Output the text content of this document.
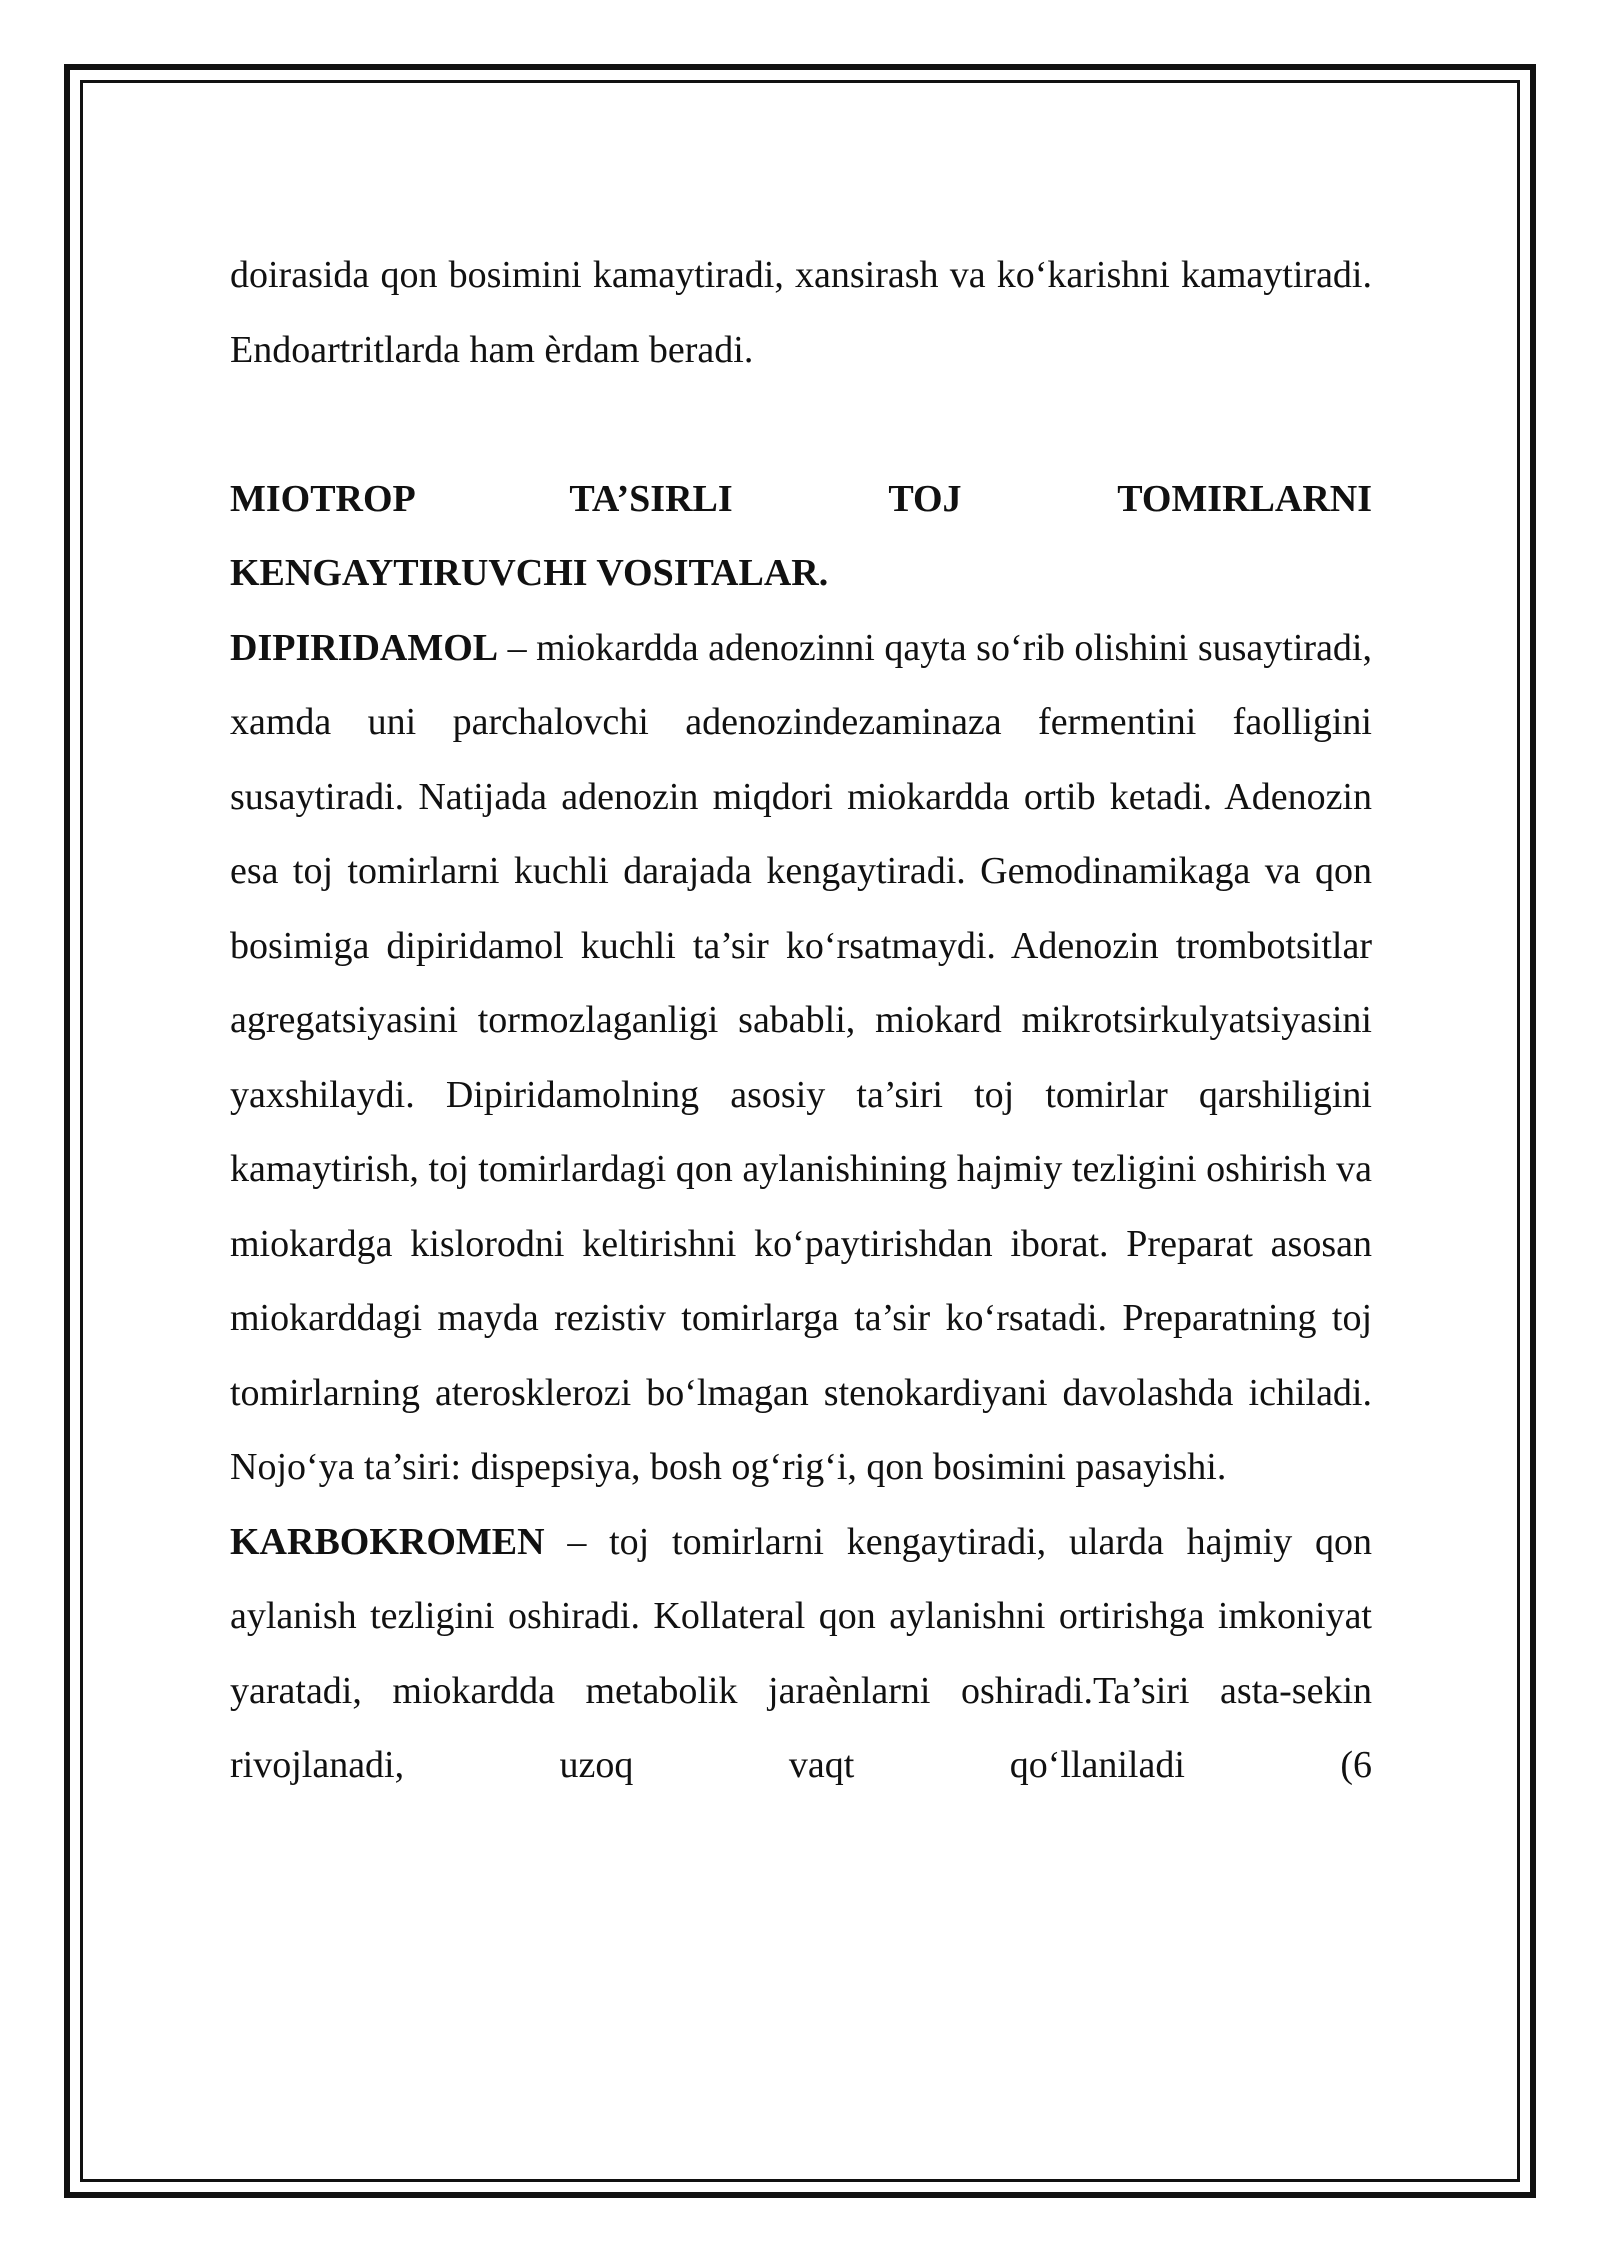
doirasida qon bosimini kamaytiradi, xansirash va ko‘karishni kamaytiradi. Endoartritlarda ham èrdam beradi.

MIOTROP TA’SIRLI TOJ TOMIRLARNI

KENGAYTIRUVCHI VOSITALAR.

DIPIRIDAMOL – miokardda adenozinni qayta so‘rib olishini susaytiradi, xamda uni parchalovchi adenozindezaminaza fermentini faolligini susaytiradi. Natijada adenozin miqdori miokardda ortib ketadi. Adenozin esa toj tomirlarni kuchli darajada kengaytiradi. Gemodinamikaga va qon bosimiga dipiridamol kuchli ta’sir ko‘rsatmaydi. Adenozin trombotsitlar agregatsiyasini tormozlaganligi sababli, miokard mikrotsirkulyatsiyasini yaxshilaydi. Dipiridamolning asosiy ta’siri toj tomirlar qarshiligini kamaytirish, toj tomirlardagi qon aylanishining hajmiy tezligini oshirish va miokardga kislorodni keltirishni ko‘paytirishdan iborat. Preparat asosan miokarddagi mayda rezistiv tomirlarga ta’sir ko‘rsatadi. Preparatning toj tomirlarning aterosklerozi bo‘lmagan stenokardiyani davolashda ichiladi. Nojo‘ya ta’siri: dispepsiya, bosh og‘rig‘i, qon bosimini pasayishi.

KARBOKROMEN – toj tomirlarni kengaytiradi, ularda hajmiy qon aylanish tezligini oshiradi. Kollateral qon aylanishni ortirishga imkoniyat yaratadi, miokardda metabolik jaraènlarni oshiradi.Ta’siri asta-sekin rivojlanadi, uzoq vaqt qo‘llaniladi (6
